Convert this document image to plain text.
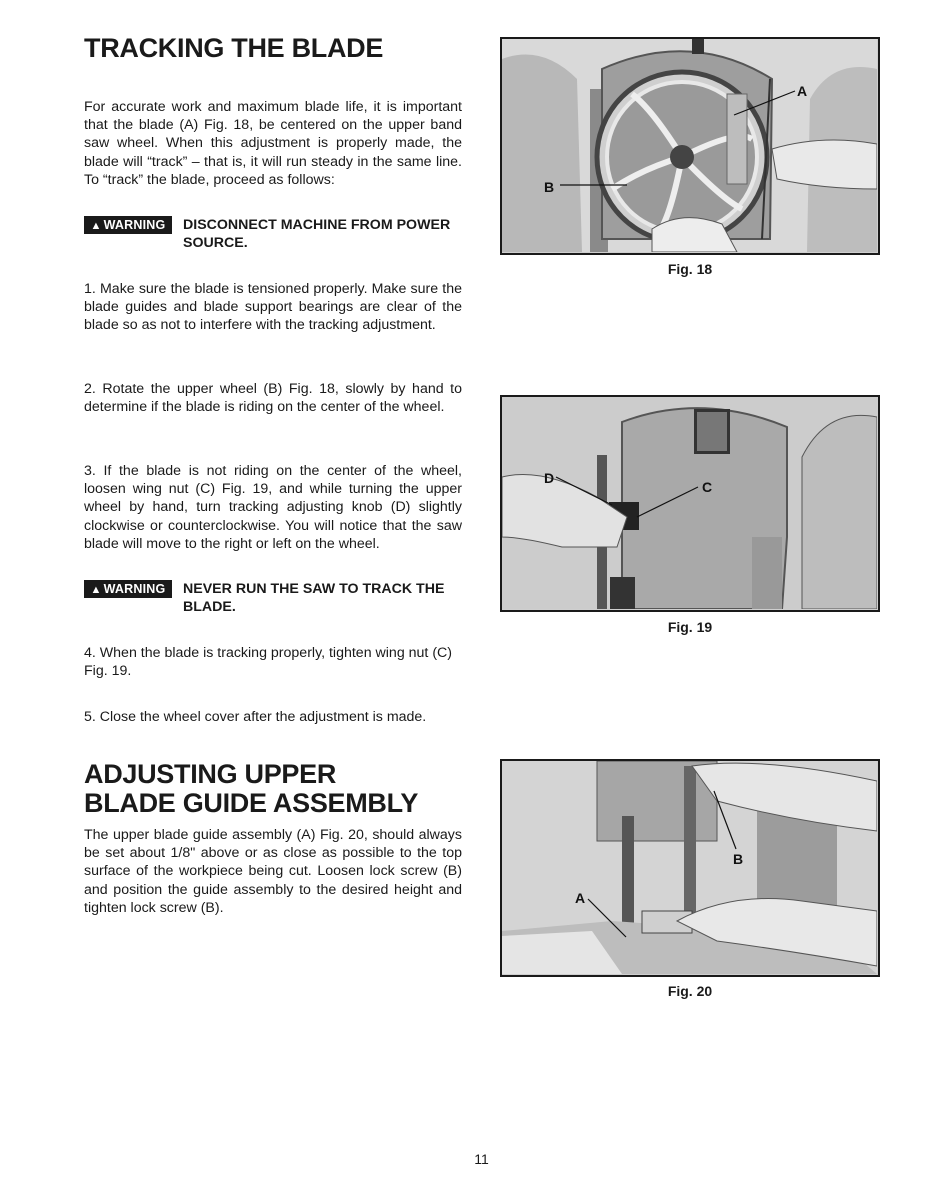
TRACKING THE BLADE

For accurate work and maximum blade life, it is important that the blade (A) Fig. 18, be centered on the upper band saw wheel. When this adjustment is properly made, the blade will “track” – that is, it will run steady in the same line. To “track” the blade, proceed as follows:

▲ WARNING	DISCONNECT MACHINE FROM POWER SOURCE.

1. Make sure the blade is tensioned properly. Make sure the blade guides and blade support bearings are clear of the blade so as not to interfere with the tracking adjustment.

2. Rotate the upper wheel (B) Fig. 18, slowly by hand to determine if the blade is riding on the center of the wheel.

3. If the blade is not riding on the center of the wheel, loosen wing nut (C) Fig. 19, and while turning the upper wheel by hand, turn tracking adjusting knob (D) slightly clockwise or counterclockwise. You will notice that the saw blade will move to the right or left on the wheel.

▲ WARNING	NEVER RUN THE SAW TO TRACK THE BLADE.

4. When the blade is tracking properly, tighten wing nut (C) Fig. 19.

5. Close the wheel cover after the adjustment is made.

ADJUSTING UPPER
BLADE GUIDE ASSEMBLY

The upper blade guide assembly (A) Fig. 20, should always be set about 1/8" above or as close as possible to the top surface of the workpiece being cut. Loosen lock screw (B) and position the guide assembly to the desired height and tighten lock screw (B).

A
B
Fig. 18
D
C
Fig. 19
A
B
Fig. 20
11
